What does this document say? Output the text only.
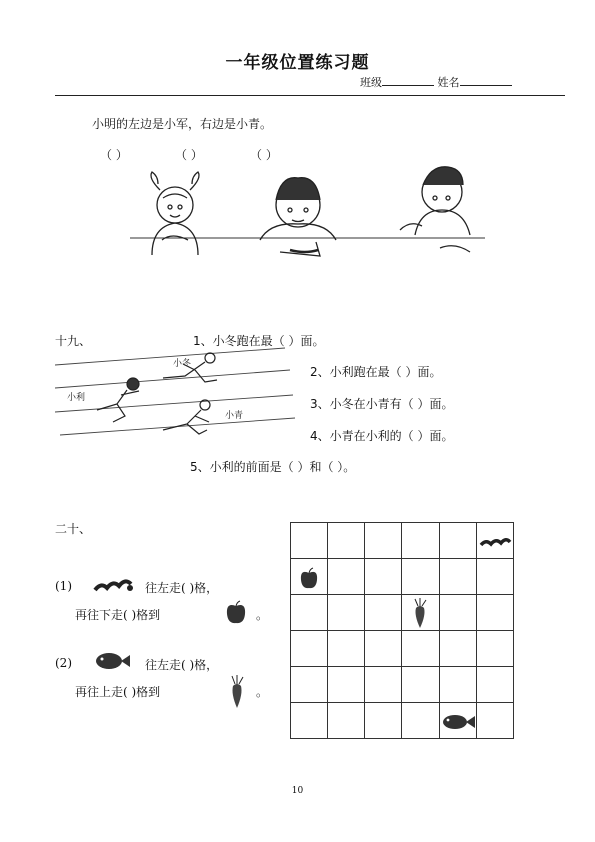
一年级位置练习题
班级	姓名
小明的左边是小军，右边是小青。
（ ）	（ ）	（ ）
十九、	1、小冬跑在最（ ）面。
2、小利跑在最（ ）面。
3、小冬在小青有（ ）面。
4、小青在小利的（ ）面。
5、小利的前面是（ ）和（ ）。
小冬
小利
小青
二十、
(1)	往左走( )格，
再往下走( )格到	。
(2)	往左走( )格，
再往上走( )格到	。

10
